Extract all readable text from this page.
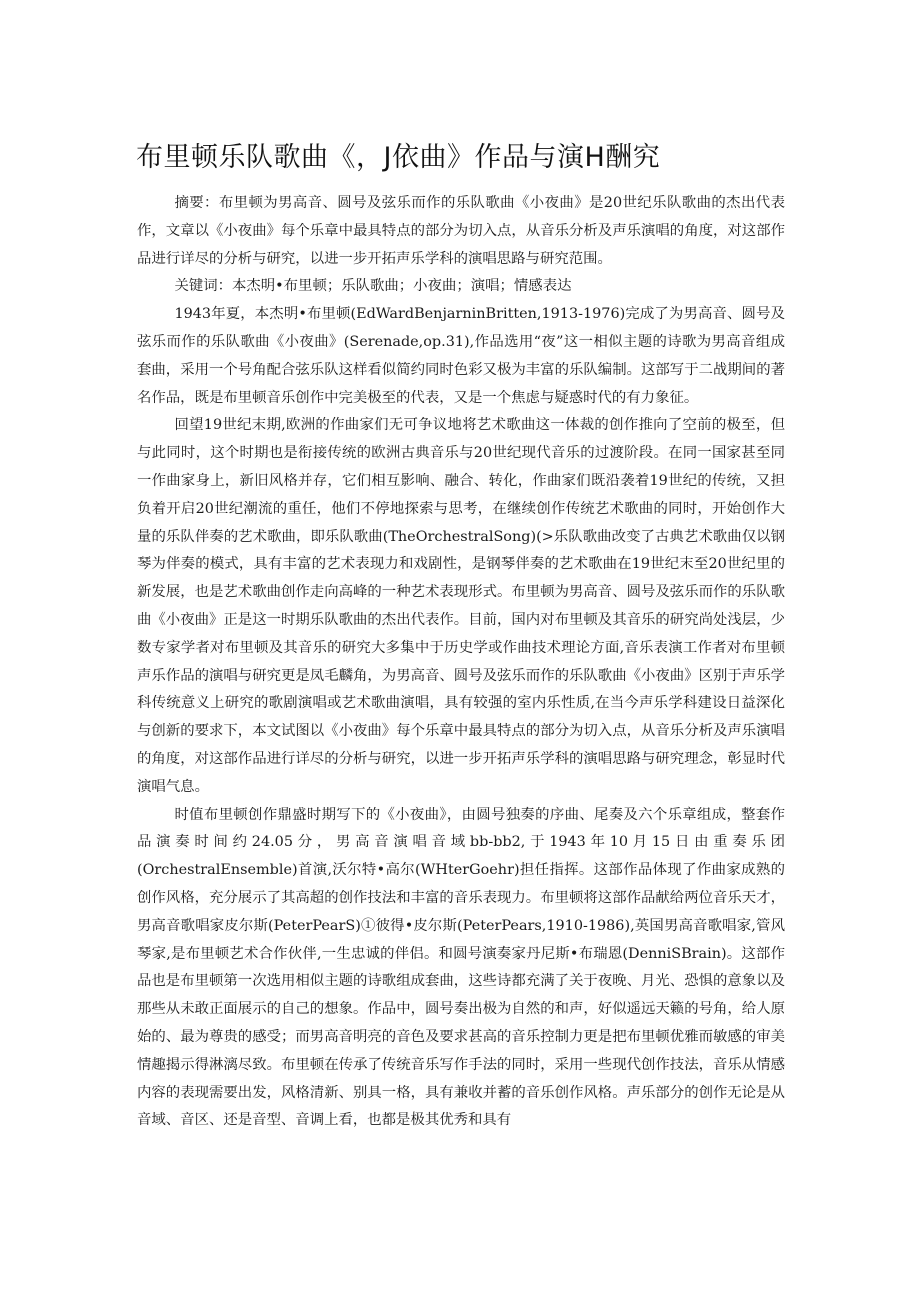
布里顿乐队歌曲《，J依曲》作品与演H酬究

摘要：布里顿为男高音、圆号及弦乐而作的乐队歌曲《小夜曲》是20世纪乐队歌曲的杰出代表作，文章以《小夜曲》每个乐章中最具特点的部分为切入点，从音乐分析及声乐演唱的角度，对这部作品进行详尽的分析与研究，以进一步开拓声乐学科的演唱思路与研究范围。

关键词：本杰明•布里顿；乐队歌曲；小夜曲；演唱；情感表达

1943年夏，本杰明•布里顿(EdWardBenjarninBritten,1913-1976)完成了为男高音、圆号及弦乐而作的乐队歌曲《小夜曲》(Serenade,op.31),作品选用“夜”这一相似主题的诗歌为男高音组成套曲，采用一个号角配合弦乐队这样看似简约同时色彩又极为丰富的乐队编制。这部写于二战期间的著名作品，既是布里顿音乐创作中完美极至的代表，又是一个焦虑与疑惑时代的有力象征。

回望19世纪末期,欧洲的作曲家们无可争议地将艺术歌曲这一体裁的创作推向了空前的极至，但与此同时，这个时期也是衔接传统的欧洲古典音乐与20世纪现代音乐的过渡阶段。在同一国家甚至同一作曲家身上，新旧风格并存，它们相互影响、融合、转化，作曲家们既沿袭着19世纪的传统，又担负着开启20世纪潮流的重任，他们不停地探索与思考，在继续创作传统艺术歌曲的同时，开始创作大量的乐队伴奏的艺术歌曲，即乐队歌曲(TheOrchestralSong)(>乐队歌曲改变了古典艺术歌曲仅以钢琴为伴奏的模式，具有丰富的艺术表现力和戏剧性，是钢琴伴奏的艺术歌曲在19世纪末至20世纪里的新发展，也是艺术歌曲创作走向高峰的一种艺术表现形式。布里顿为男高音、圆号及弦乐而作的乐队歌曲《小夜曲》正是这一时期乐队歌曲的杰出代表作。目前，国内对布里顿及其音乐的研究尚处浅层，少数专家学者对布里顿及其音乐的研究大多集中于历史学或作曲技术理论方面,音乐表演工作者对布里顿声乐作品的演唱与研究更是凤毛麟角，为男高音、圆号及弦乐而作的乐队歌曲《小夜曲》区别于声乐学科传统意义上研究的歌剧演唱或艺术歌曲演唱，具有较强的室内乐性质,在当今声乐学科建设日益深化与创新的要求下，本文试图以《小夜曲》每个乐章中最具特点的部分为切入点，从音乐分析及声乐演唱的角度，对这部作品进行详尽的分析与研究，以进一步开拓声乐学科的演唱思路与研究理念，彰显时代演唱气息。

时值布里顿创作鼎盛时期写下的《小夜曲》，由圆号独奏的序曲、尾奏及六个乐章组成，整套作品演奏时间约24.05分，男高音演唱音域bb-bb2,于1943年10月15日由重奏乐团(OrchestralEnsemble)首演,沃尔特•高尔(WHterGoehr)担任指挥。这部作品体现了作曲家成熟的创作风格，充分展示了其高超的创作技法和丰富的音乐表现力。布里顿将这部作品献给两位音乐天才，男高音歌唱家皮尔斯(PeterPearS)①彼得•皮尔斯(PeterPears,1910-1986),英国男高音歌唱家,管风琴家,是布里顿艺术合作伙伴,一生忠诚的伴侣。和圆号演奏家丹尼斯•布瑞恩(DenniSBrain)。这部作品也是布里顿第一次选用相似主题的诗歌组成套曲，这些诗都充满了关于夜晚、月光、恐惧的意象以及那些从未敢正面展示的自己的想象。作品中，圆号奏出极为自然的和声，好似遥远天籁的号角，给人原始的、最为尊贵的感受；而男高音明亮的音色及要求甚高的音乐控制力更是把布里顿优雅而敏感的审美情趣揭示得淋漓尽致。布里顿在传承了传统音乐写作手法的同时，采用一些现代创作技法，音乐从情感内容的表现需要出发，风格清新、别具一格，具有兼收并蓄的音乐创作风格。声乐部分的创作无论是从音域、音区、还是音型、音调上看，也都是极其优秀和具有
